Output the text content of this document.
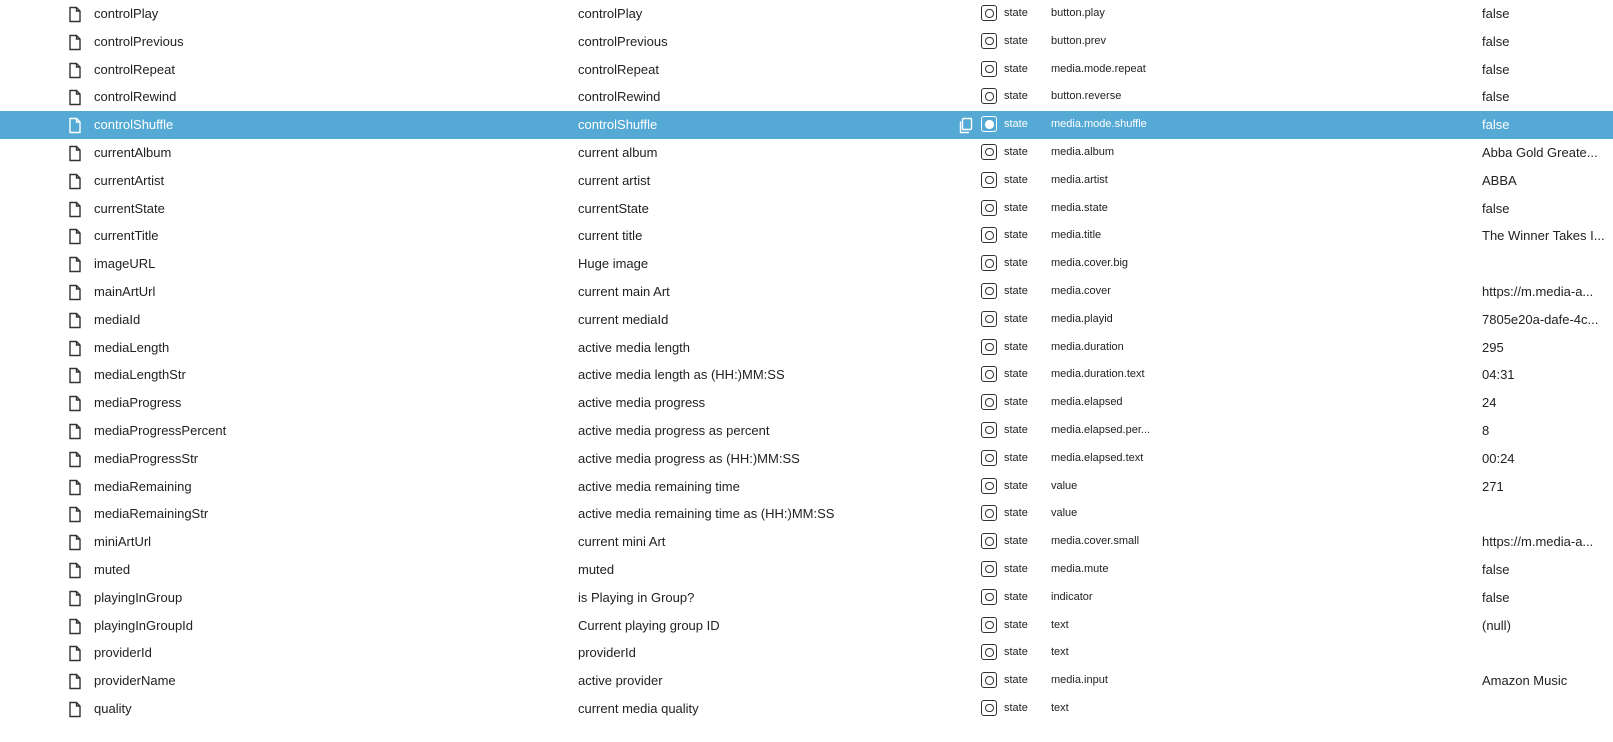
controlPlay	controlPlay	state	button.play	false
controlPrevious	controlPrevious	state	button.prev	false
controlRepeat	controlRepeat	state	media.mode.repeat	false
controlRewind	controlRewind	state	button.reverse	false
controlShuffle	controlShuffle	state	media.mode.shuffle	false
currentAlbum	current album	state	media.album	Abba Gold Greate...
currentArtist	current artist	state	media.artist	ABBA
currentState	currentState	state	media.state	false
currentTitle	current title	state	media.title	The Winner Takes I...
imageURL	Huge image	state	media.cover.big
mainArtUrl	current main Art	state	media.cover	https://m.media-a...
mediaId	current mediaId	state	media.playid	7805e20a-dafe-4c...
mediaLength	active media length	state	media.duration	295
mediaLengthStr	active media length as (HH:)MM:SS	state	media.duration.text	04:31
mediaProgress	active media progress	state	media.elapsed	24
mediaProgressPercent	active media progress as percent	state	media.elapsed.per...	8
mediaProgressStr	active media progress as (HH:)MM:SS	state	media.elapsed.text	00:24
mediaRemaining	active media remaining time	state	value	271
mediaRemainingStr	active media remaining time as (HH:)MM:SS	state	value
miniArtUrl	current mini Art	state	media.cover.small	https://m.media-a...
muted	muted	state	media.mute	false
playingInGroup	is Playing in Group?	state	indicator	false
playingInGroupId	Current playing group ID	state	text	(null)
providerId	providerId	state	text
providerName	active provider	state	media.input	Amazon Music
quality	current media quality	state	text
